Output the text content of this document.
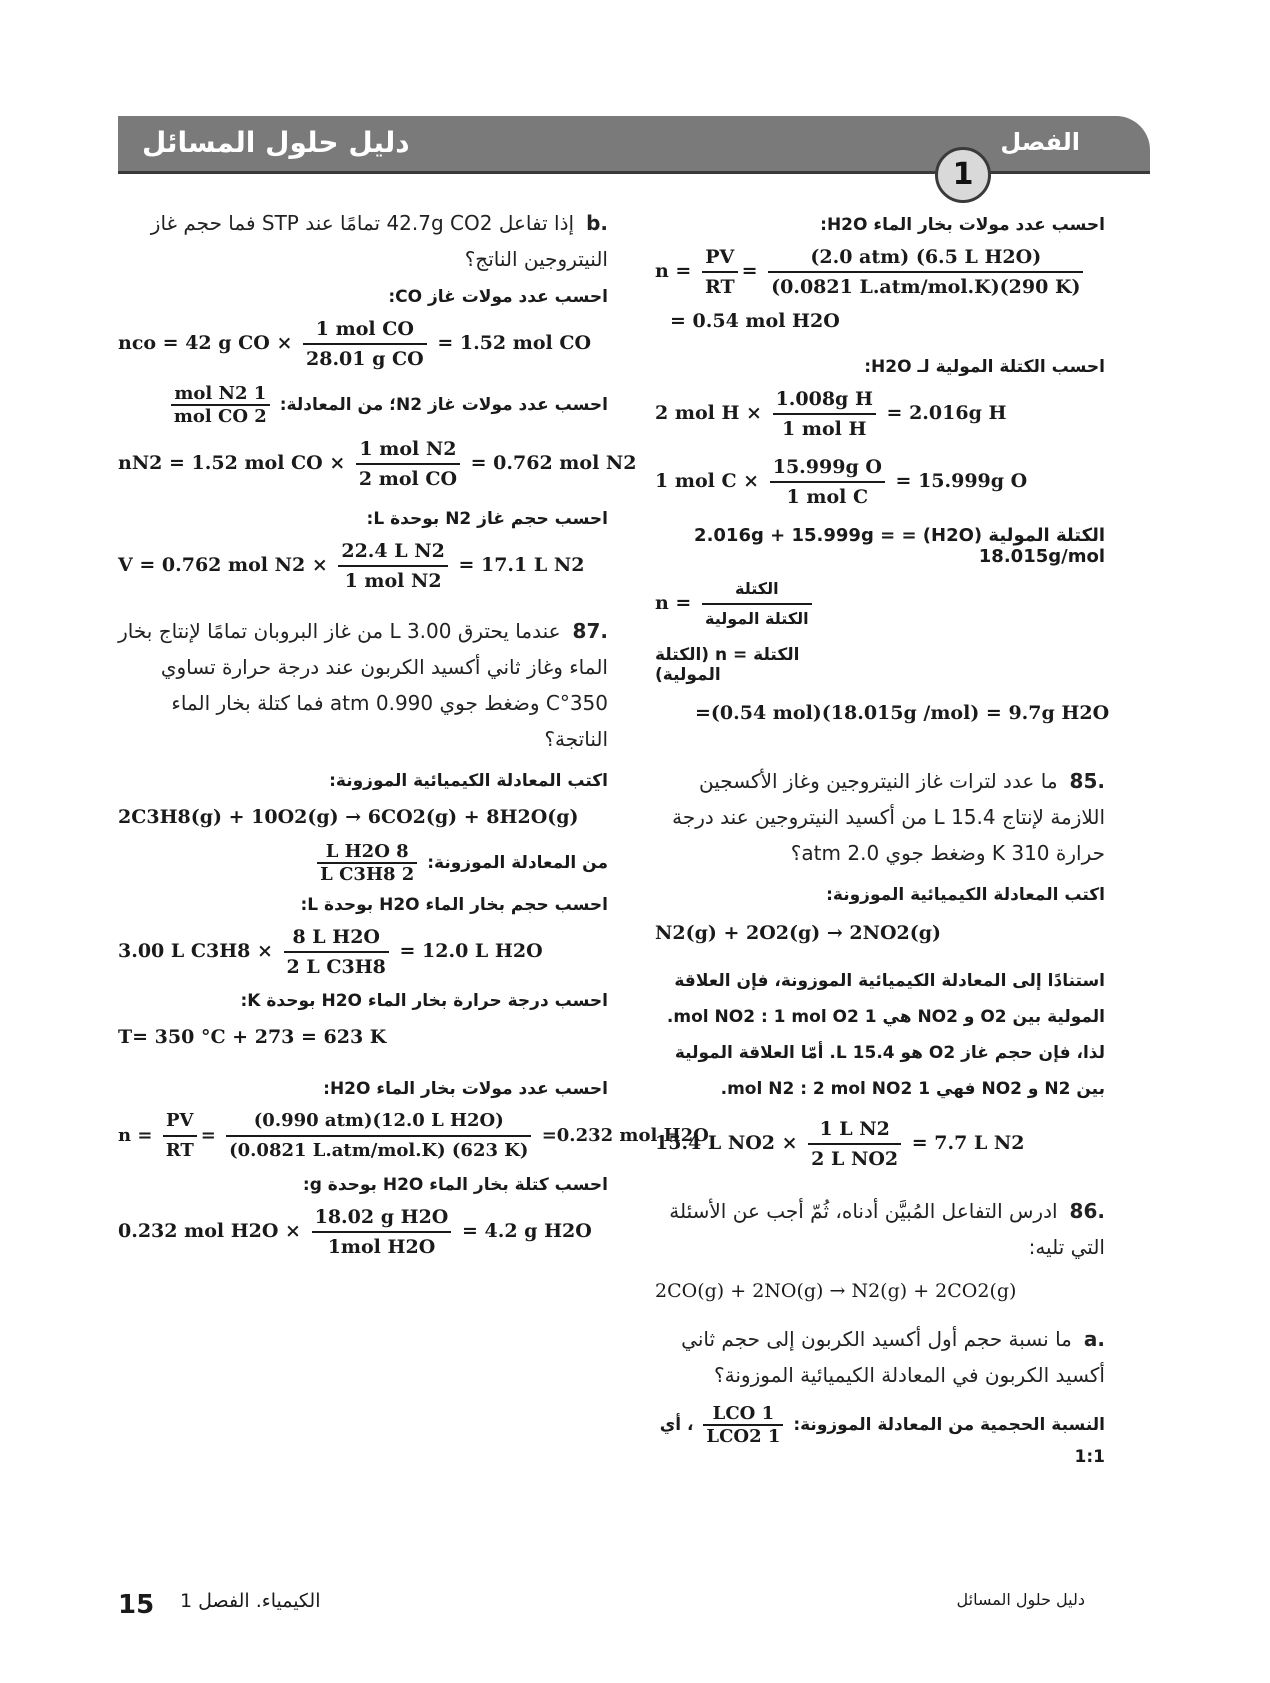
دليل حلول المسائل	الفصل
1
احسب عدد مولات بخار الماء H2O:
$n = \frac{PV}{RT} = \frac{\text{(2.0 atm) (6.5 L H2O)}}{\text{(0.0821 L.atm/mol.K)(290 K)}}$
= 0.54 mol H2O
احسب الكتلة المولية لـ H2O:
2 mol $H \times \frac{\text{1.008g H}}{\text{1 mol H}} = 2.016g$ H
1 mol $C \times \frac{\text{15.999g O}}{\text{1 mol C}} = 15.999g$ O
الكتلة المولية (H2O) = 2.016g + 15.999g = 18.015g/mol
$n = \frac{\text{الكتلة}}{\text{الكتلة المولية}}$
الكتلة = n (الكتلة المولية)
=(0.54 mol)(18.015g /mol) = 9.7g H2O
.85ما عدد لترات غاز النيتروجين وغاز الأكسجين اللازمة لإنتاج 15.4 L من أكسيد النيتروجين عند درجة حرارة 310 K وضغط جوي 2.0 atm؟
اكتب المعادلة الكيميائية الموزونة:
N2(g) + 2O2(g) → 2NO2(g)
استنادًا إلى المعادلة الكيميائية الموزونة، فإن العلاقة المولية بين O2 و NO2 هي 1 mol NO2 : 1 mol O2. لذا، فإن حجم غاز O2 هو 15.4 L. أمّا العلاقة المولية بين N2 و NO2 فهي 1 mol N2 : 2 mol NO2.
15.4 L $NO2 \times \frac{\text{1 L N2}}{\text{2 L NO2}} = 7.7$ L N2
.86ادرس التفاعل المُبيَّن أدناه، ثُمّ أجب عن الأسئلة التي تليه:
2CO(g) + 2NO(g) → N2(g) + 2CO2(g)
.aما نسبة حجم أول أكسيد الكربون إلى حجم ثاني أكسيد الكربون في المعادلة الكيميائية الموزونة؟
النسبة الحجمية من المعادلة الموزونة:
$\frac{\text{1 LCO}}{\text{1 LCO2}}$
، أي 1:1
.bإذا تفاعل 42.7g CO2 تمامًا عند STP فما حجم غاز النيتروجين الناتج؟
احسب عدد مولات غاز CO:
nco = 42 g CO × $\frac{\text{1 mol CO}}{\text{28.01 g CO}} = 1.52$ mol CO
احسب عدد مولات غاز N2؛ من المعادلة:
$\frac{\text{1 mol N2}}{\text{2 mol CO}}$
nN2 = 1.52 mol CO × $\frac{\text{1 mol N2}}{\text{2 mol CO}} = 0.762$ mol N2
احسب حجم غاز N2 بوحدة L:
V = 0.762 mol $N2 \times \frac{\text{22.4 L N2}}{\text{1 mol N2}} = 17.1$ L N2
.87عندما يحترق 3.00 L من غاز البروبان تمامًا لإنتاج بخار الماء وغاز ثاني أكسيد الكربون عند درجة حرارة تساوي 350°C وضغط جوي 0.990 atm فما كتلة بخار الماء الناتجة؟
اكتب المعادلة الكيميائية الموزونة:
2C3H8(g) + 10O2(g) → 6CO2(g) + 8H2O(g)
من المعادلة الموزونة:
$\frac{\text{8 L H2O}}{\text{2 L C3H8}}$
احسب حجم بخار الماء H2O بوحدة L:
3.00 L $C3H8 \times \frac{\text{8 L H2O}}{\text{2 L C3H8}} = 12.0$ L H2O
احسب درجة حرارة بخار الماء H2O بوحدة K:
T= 350 °C + 273 = 623 K
احسب عدد مولات بخار الماء H2O:
$n = \frac{PV}{RT} = \frac{\text{(0.990 atm)(12.0 L H2O)}}{\text{(0.0821 L.atm/mol.K) (623 K)}} =0.232$ mol H2O
احسب كتلة بخار الماء H2O بوحدة g:
0.232 mol $H2O \times \frac{\text{18.02 g H2O}}{\text{1mol H2O}} = 4.2$ g H2O
15 الكيمياء. الفصل 1	دليل حلول المسائل
